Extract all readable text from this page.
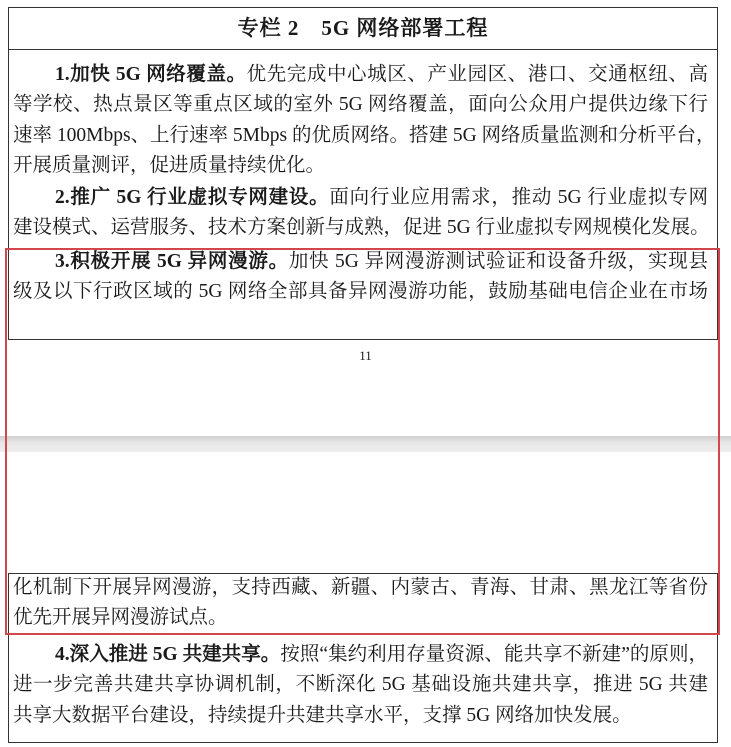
专栏 2　5G 网络部署工程
1.加快 5G 网络覆盖。优先完成中心城区、产业园区、港口、交通枢纽、高
等学校、热点景区等重点区域的室外 5G 网络覆盖，面向公众用户提供边缘下行
速率 100Mbps、上行速率 5Mbps 的优质网络。搭建 5G 网络质量监测和分析平台，
开展质量测评，促进质量持续优化。
2.推广 5G 行业虚拟专网建设。面向行业应用需求，推动 5G 行业虚拟专网
建设模式、运营服务、技术方案创新与成熟，促进 5G 行业虚拟专网规模化发展。
3.积极开展 5G 异网漫游。加快 5G 异网漫游测试验证和设备升级，实现县
级及以下行政区域的 5G 网络全部具备异网漫游功能，鼓励基础电信企业在市场
11
化机制下开展异网漫游，支持西藏、新疆、内蒙古、青海、甘肃、黑龙江等省份
优先开展异网漫游试点。
4.深入推进 5G 共建共享。按照“集约利用存量资源、能共享不新建”的原则，
进一步完善共建共享协调机制，不断深化 5G 基础设施共建共享，推进 5G 共建
共享大数据平台建设，持续提升共建共享水平，支撑 5G 网络加快发展。
